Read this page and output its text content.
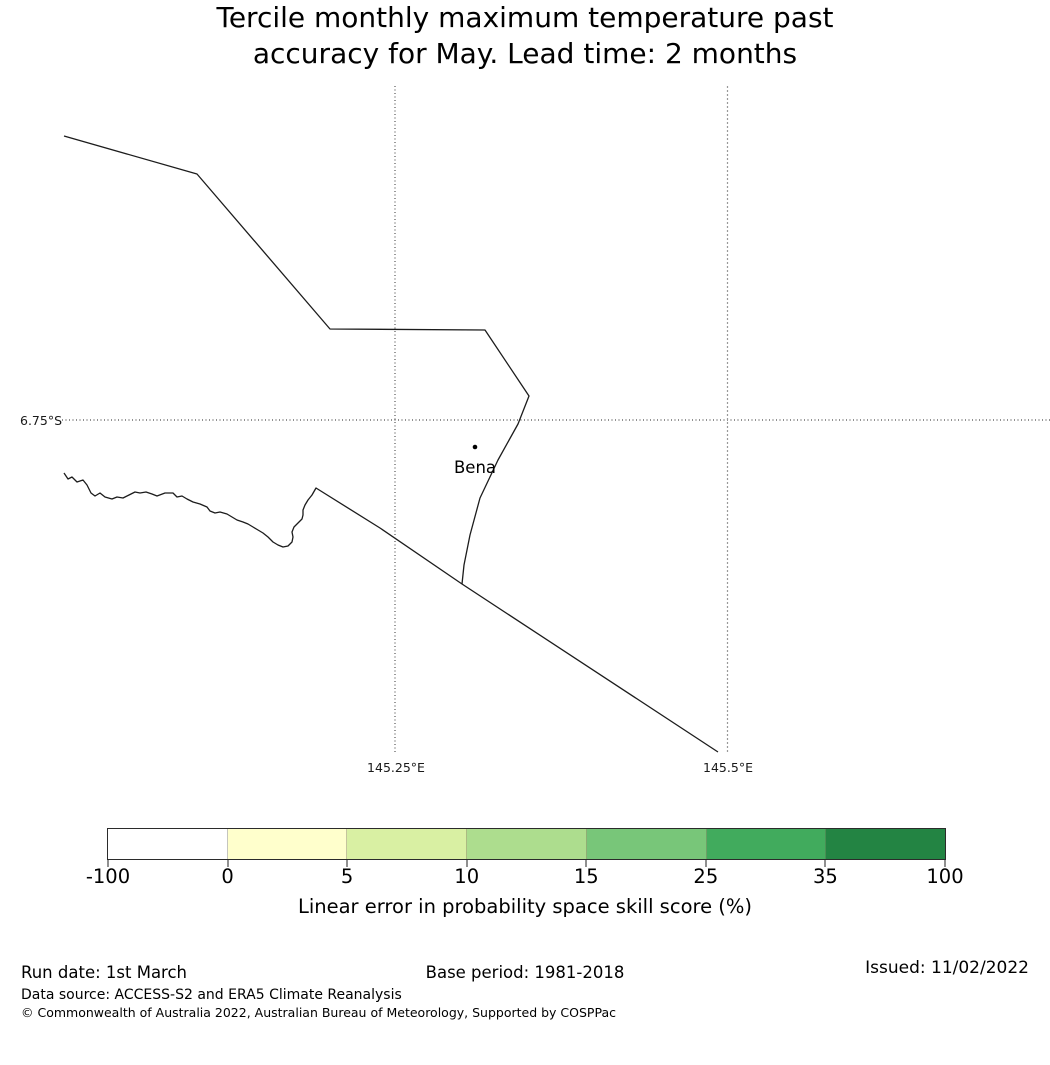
Tercile monthly maximum temperature past
accuracy for May. Lead time: 2 months
6.75°S
145.25°E	145.5°E
Bena
-100	0	5	10	15	25	35	100
Linear error in probability space skill score (%)
Run date: 1st March	Base period: 1981-2018	Issued: 11/02/2022
Data source: ACCESS-S2 and ERA5 Climate Reanalysis
© Commonwealth of Australia 2022, Australian Bureau of Meteorology, Supported by COSPPac
